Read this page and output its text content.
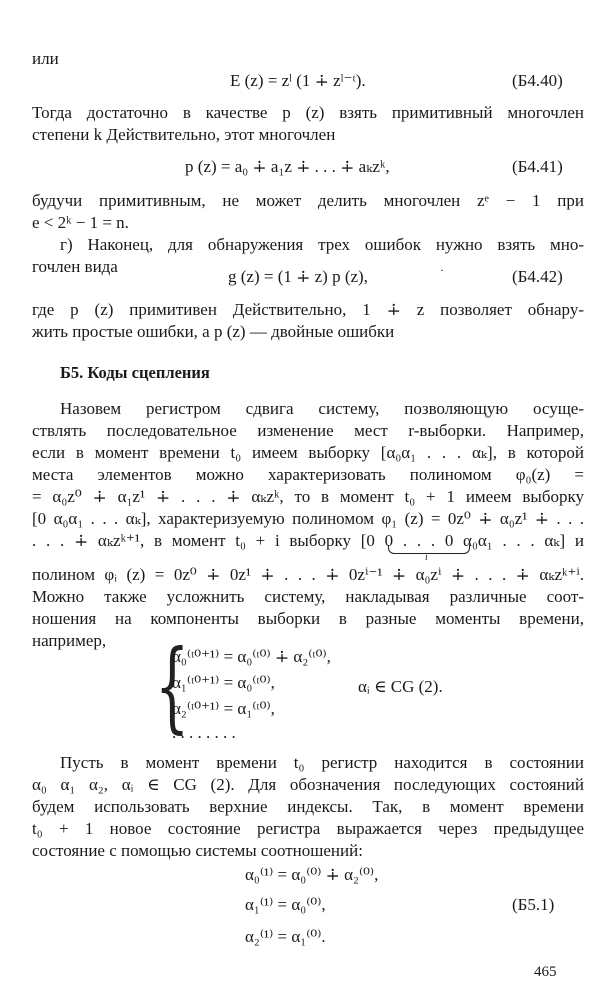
или
E (z) = zˡ (1 ∔ zˡ⁻ᵗ).	(Б4.40)
Тогда достаточно в качестве p (z) взять примитивный многочлен
степени k Действительно, этот многочлен
p (z) = a₀ ∔ a₁z ∔ . . . ∔ aₖzᵏ,	(Б4.41)
будучи примитивным, не может делить многочлен zᵉ − 1 при
e < 2ᵏ − 1 = n.
г) Наконец, для обнаружения трех ошибок нужно взять мно-
гочлен вида
g (z) = (1 ∔ z) p (z),	(Б4.42)
·
где p (z) примитивен Действительно, 1 ∔ z позволяет обнару-
жить простые ошибки, а p (z) — двойные ошибки
Б5. Коды сцепления
Назовем регистром сдвига систему, позволяющую осуще-
ствлять последовательное изменение мест r-выборки. Например,
если в момент времени t₀ имеем выборку [α₀α₁ . . . αₖ], в которой
места элементов можно характеризовать полиномом φ₀(z) =
= α₀z⁰ ∔ α₁z¹ ∔ . . . ∔ αₖzᵏ, то в момент t₀ + 1 имеем выборку
[0 α₀α₁ . . . αₖ], характеризуемую полиномом φ₁ (z) = 0z⁰ ∔ α₀z¹ ∔ . . .
. . . ∔ αₖzᵏ⁺¹, в момент t₀ + i выборку [0 0 . . . 0 α₀α₁ . . . αₖ] и
i
полином φᵢ (z) = 0z⁰ ∔ 0z¹ ∔ . . . ∔ 0zⁱ⁻¹ ∔ α₀zⁱ ∔ . . . ∔ αₖzᵏ⁺ⁱ.
Можно также усложнить систему, накладывая различные соот-
ношения на компоненты выборки в разные моменты времени,
например, {
α₀⁽ᵗ⁰⁺¹⁾ = α₀⁽ᵗ⁰⁾ ∔ α₂⁽ᵗ⁰⁾,
α₁⁽ᵗ⁰⁺¹⁾ = α₀⁽ᵗ⁰⁾,
α₂⁽ᵗ⁰⁺¹⁾ = α₁⁽ᵗ⁰⁾,
. . . . . . . .
αᵢ ∈ CG (2).
Пусть в момент времени t₀ регистр находится в состоянии
α₀ α₁ α₂, αᵢ ∈ CG (2). Для обозначения последующих состояний
будем использовать верхние индексы. Так, в момент времени
t₀ + 1 новое состояние регистра выражается через предыдущее
состояние с помощью системы соотношений:
α₀⁽¹⁾ = α₀⁽⁰⁾ ∔ α₂⁽⁰⁾,
α₁⁽¹⁾ = α₀⁽⁰⁾,	(Б5.1)
α₂⁽¹⁾ = α₁⁽⁰⁾.
465
